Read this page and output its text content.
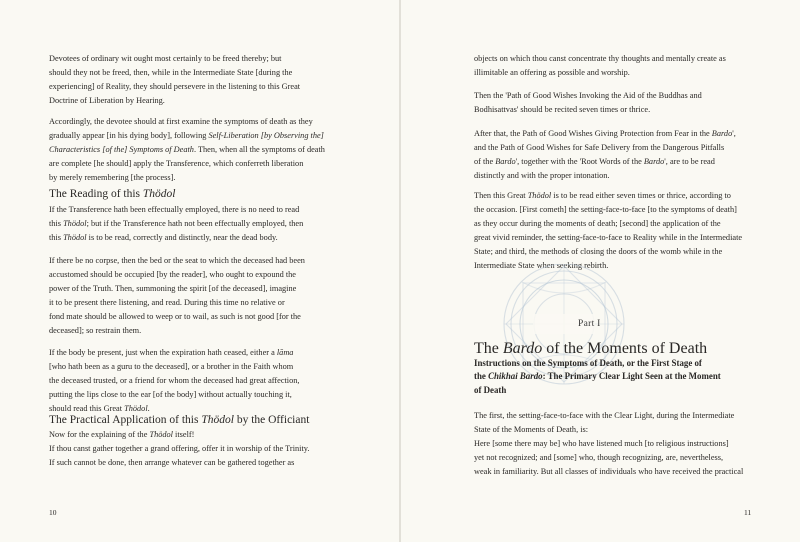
Devotees of ordinary wit ought most certainly to be freed thereby; but
should they not be freed, then, while in the Intermediate State [during the
experiencing] of Reality, they should persevere in the listening to this Great
Doctrine of Liberation by Hearing.
Accordingly, the devotee should at first examine the symptoms of death as they
gradually appear [in his dying body], following Self-Liberation [by Observing the]
Characteristics [of the] Symptoms of Death. Then, when all the symptoms of death
are complete [he should] apply the Transference, which conferreth liberation
by merely remembering [the process].
The Reading of this Thödol
If the Transference hath been effectually employed, there is no need to read
this Thödol; but if the Transference hath not been effectually employed, then
this Thödol is to be read, correctly and distinctly, near the dead body.
If there be no corpse, then the bed or the seat to which the deceased had been
accustomed should be occupied [by the reader], who ought to expound the
power of the Truth. Then, summoning the spirit [of the deceased], imagine
it to be present there listening, and read. During this time no relative or
fond mate should be allowed to weep or to wail, as such is not good [for the
deceased]; so restrain them.
If the body be present, just when the expiration hath ceased, either a lāma
[who hath been as a guru to the deceased], or a brother in the Faith whom
the deceased trusted, or a friend for whom the deceased had great affection,
putting the lips close to the ear [of the body] without actually touching it,
should read this Great Thödol.
The Practical Application of this Thödol by the Officiant
Now for the explaining of the Thödol itself!
If thou canst gather together a grand offering, offer it in worship of the Trinity.
If such cannot be done, then arrange whatever can be gathered together as
10
objects on which thou canst concentrate thy thoughts and mentally create as
illimitable an offering as possible and worship.
Then the 'Path of Good Wishes Invoking the Aid of the Buddhas and
Bodhisattvas' should be recited seven times or thrice.
After that, the Path of Good Wishes Giving Protection from Fear in the Bardo',
and the Path of Good Wishes for Safe Delivery from the Dangerous Pitfalls
of the Bardo', together with the 'Root Words of the Bardo', are to be read
distinctly and with the proper intonation.
Then this Great Thödol is to be read either seven times or thrice, according to
the occasion. [First cometh] the setting-face-to-face [to the symptoms of death]
as they occur during the moments of death; [second] the application of the
great vivid reminder, the setting-face-to-face to Reality while in the Intermediate
State; and third, the methods of closing the doors of the womb while in the
Intermediate State when seeking rebirth.
Part I
The Bardo of the Moments of Death
Instructions on the Symptoms of Death, or the First Stage of
the Chikhai Bardo: The Primary Clear Light Seen at the Moment
of Death
The first, the setting-face-to-face with the Clear Light, during the Intermediate
State of the Moments of Death, is:
Here [some there may be] who have listened much [to religious instructions]
yet not recognized; and [some] who, though recognizing, are, nevertheless,
weak in familiarity. But all classes of individuals who have received the practical
11
